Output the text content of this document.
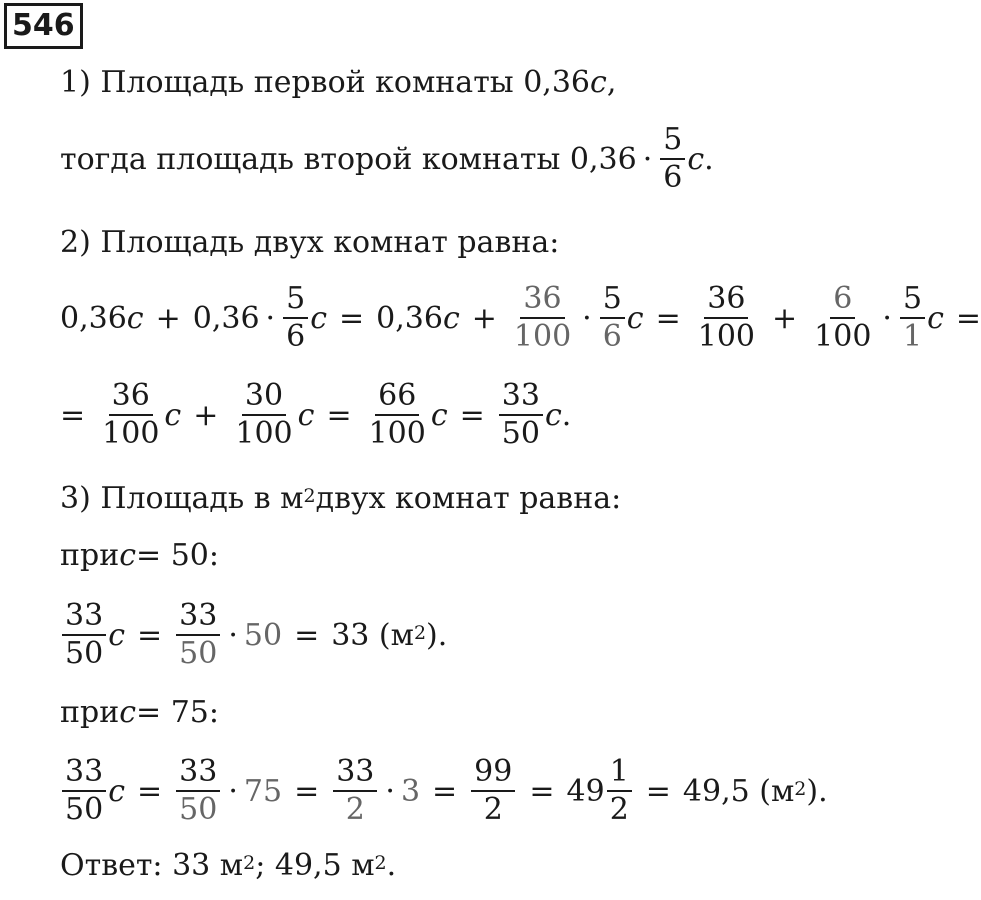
546
1) Площадь первой комнаты 0,36 c ,
тогда площадь второй комнаты $0,36 \cdot \frac{5}{6}$ c .
2) Площадь двух комнат равна:
0,36 $c + 0,36 \cdot \frac{5}{6}$ c = 0,36 $c + \frac{36}{100} \cdot \frac{5}{6}$ $c = \frac{36}{100} + \frac{6}{100} \cdot \frac{5}{1}$ c =
= $\frac{36}{100}$ $c + \frac{30}{100}$ $c = \frac{66}{100}$ $c = \frac{33}{50}$ c .
3) Площадь в $м^2$ двух комнат равна:
при c = 50:
$\frac{33}{50}$ $c = \frac{33}{50} \cdot 50 = 33$ ($м^2$ ).
при c = 75:
$\frac{33}{50}$ $c = \frac{33}{50} \cdot 75 = \frac{33}{2} \cdot 3 = \frac{99}{2} = 49 \frac{1}{2} = 49,5$ ($м^2$ ).
Ответ: 33 $м^2$ ; 49,5 $м^2$ .
